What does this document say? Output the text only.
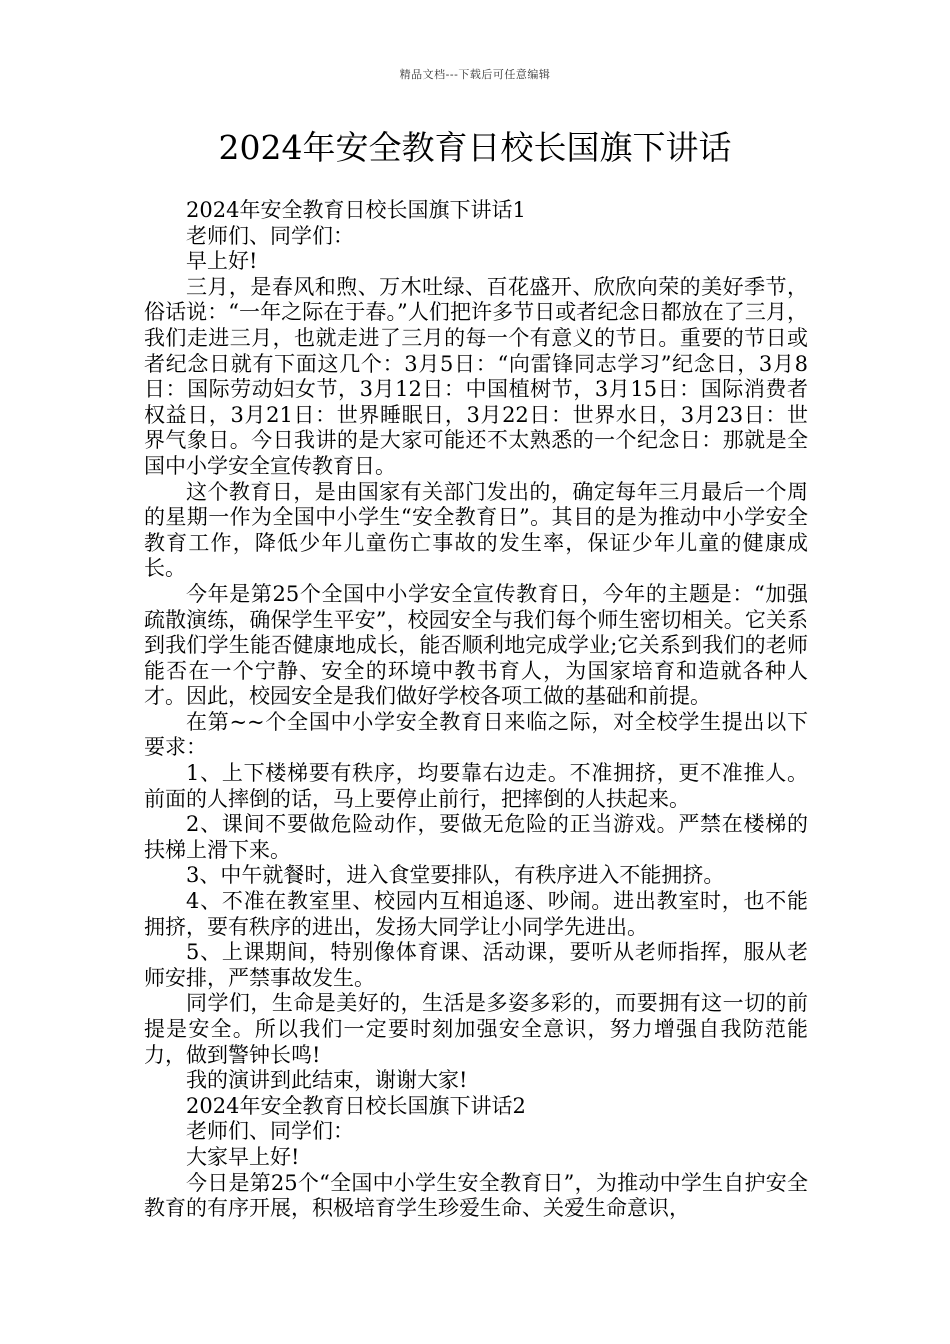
精品文档---下载后可任意编辑
2024年安全教育日校长国旗下讲话

2024年安全教育日校长国旗下讲话1

老师们、同学们：

早上好!

三月，是春风和煦、万木吐绿、百花盛开、欣欣向荣的美好季节，俗话说：“一年之际在于春。”人们把许多节日或者纪念日都放在了三月，我们走进三月，也就走进了三月的每一个有意义的节日。重要的节日或者纪念日就有下面这几个：3月5日：“向雷锋同志学习”纪念日，3月8日：国际劳动妇女节，3月12日：中国植树节，3月15日：国际消费者权益日，3月21日：世界睡眠日，3月22日：世界水日，3月23日：世界气象日。今日我讲的是大家可能还不太熟悉的一个纪念日：那就是全国中小学安全宣传教育日。

这个教育日，是由国家有关部门发出的，确定每年三月最后一个周的星期一作为全国中小学生“安全教育日”。其目的是为推动中小学安全教育工作，降低少年儿童伤亡事故的发生率，保证少年儿童的健康成长。

今年是第25个全国中小学安全宣传教育日，今年的主题是：“加强疏散演练，确保学生平安”，校园安全与我们每个师生密切相关。它关系到我们学生能否健康地成长，能否顺利地完成学业;它关系到我们的老师能否在一个宁静、安全的环境中教书育人，为国家培育和造就各种人才。因此，校园安全是我们做好学校各项工做的基础和前提。

在第~~个全国中小学安全教育日来临之际，对全校学生提出以下要求：

1、上下楼梯要有秩序，均要靠右边走。不准拥挤，更不准推人。前面的人摔倒的话，马上要停止前行，把摔倒的人扶起来。

2、课间不要做危险动作，要做无危险的正当游戏。严禁在楼梯的扶梯上滑下来。

3、中午就餐时，进入食堂要排队，有秩序进入不能拥挤。

4、不准在教室里、校园内互相追逐、吵闹。进出教室时，也不能拥挤，要有秩序的进出，发扬大同学让小同学先进出。

5、上课期间，特别像体育课、活动课，要听从老师指挥，服从老师安排，严禁事故发生。

同学们，生命是美好的，生活是多姿多彩的，而要拥有这一切的前提是安全。所以我们一定要时刻加强安全意识，努力增强自我防范能力，做到警钟长鸣!

我的演讲到此结束，谢谢大家!

2024年安全教育日校长国旗下讲话2

老师们、同学们：

大家早上好!

今日是第25个“全国中小学生安全教育日”，为推动中学生自护安全教育的有序开展，积极培育学生珍爱生命、关爱生命意识，
